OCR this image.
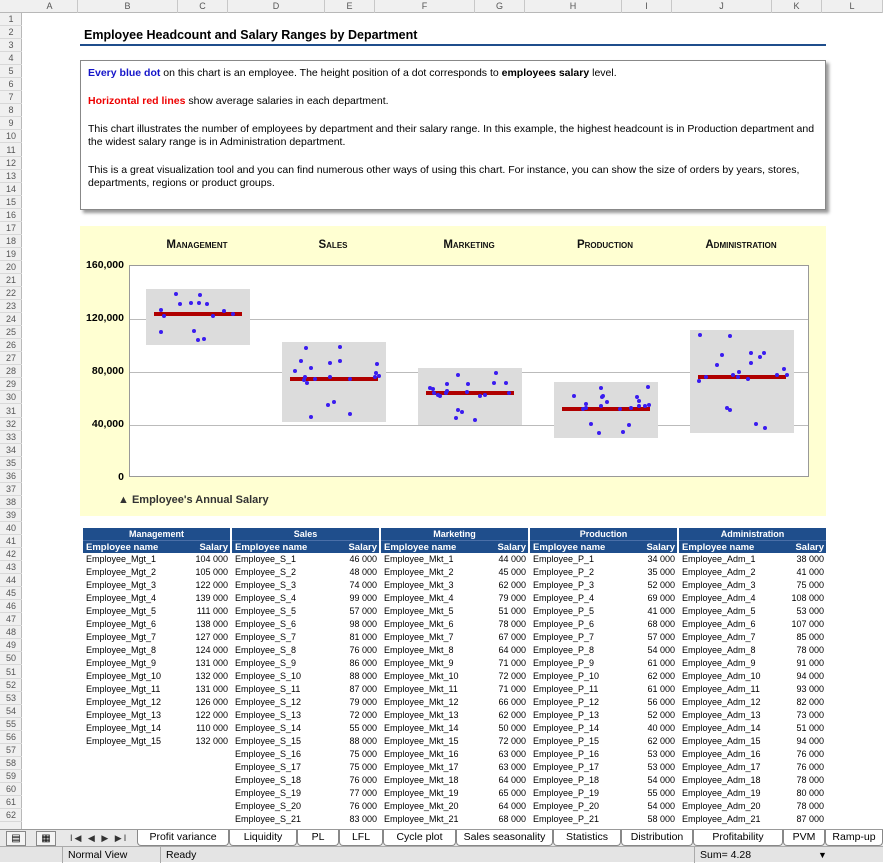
A	B	C	D	E	F	G	H	I	J	K	L
1
2
3
4
5
6
7
8
9
10
11
12
13
14
15
16
17
18
19
20
21
22
23
24
25
26
27
28
29
30
31
32
33
34
35
36
37
38
39
40
41
42
43
44
45
46
47
48
49
50
51
52
53
54
55
56
57
58
59
60
61
62
Employee Headcount and Salary Ranges by Department

Every blue dot on this chart is an employee. The height position of a dot corresponds to employees salary level.

Horizontal red lines show average salaries in each department.

This chart illustrates the number of employees by department and their salary range. In this example, the highest headcount is in Production department and the widest salary range is in Administration department.

This is a great visualization tool and you can find numerous other ways of using this chart. For instance, you can show the size of orders by years, stores, departments, regions or product groups.

▲ Employee's Annual Salary
160,000
120,000
80,000
40,000
0
Management	Sales	Marketing	Production	Administration
Management
Employee name	Salary
Employee_Mgt_1	104 000
Employee_Mgt_2	105 000
Employee_Mgt_3	122 000
Employee_Mgt_4	139 000
Employee_Mgt_5	111 000
Employee_Mgt_6	138 000
Employee_Mgt_7	127 000
Employee_Mgt_8	124 000
Employee_Mgt_9	131 000
Employee_Mgt_10	132 000
Employee_Mgt_11	131 000
Employee_Mgt_12	126 000
Employee_Mgt_13	122 000
Employee_Mgt_14	110 000
Employee_Mgt_15	132 000
Sales
Employee name	Salary
Employee_S_1	46 000
Employee_S_2	48 000
Employee_S_3	74 000
Employee_S_4	99 000
Employee_S_5	57 000
Employee_S_6	98 000
Employee_S_7	81 000
Employee_S_8	76 000
Employee_S_9	86 000
Employee_S_10	88 000
Employee_S_11	87 000
Employee_S_12	79 000
Employee_S_13	72 000
Employee_S_14	55 000
Employee_S_15	88 000
Employee_S_16	75 000
Employee_S_17	75 000
Employee_S_18	76 000
Employee_S_19	77 000
Employee_S_20	76 000
Employee_S_21	83 000
Marketing
Employee name	Salary
Employee_Mkt_1	44 000
Employee_Mkt_2	45 000
Employee_Mkt_3	62 000
Employee_Mkt_4	79 000
Employee_Mkt_5	51 000
Employee_Mkt_6	78 000
Employee_Mkt_7	67 000
Employee_Mkt_8	64 000
Employee_Mkt_9	71 000
Employee_Mkt_10	72 000
Employee_Mkt_11	71 000
Employee_Mkt_12	66 000
Employee_Mkt_13	62 000
Employee_Mkt_14	50 000
Employee_Mkt_15	72 000
Employee_Mkt_16	63 000
Employee_Mkt_17	63 000
Employee_Mkt_18	64 000
Employee_Mkt_19	65 000
Employee_Mkt_20	64 000
Employee_Mkt_21	68 000
Production
Employee name	Salary
Employee_P_1	34 000
Employee_P_2	35 000
Employee_P_3	52 000
Employee_P_4	69 000
Employee_P_5	41 000
Employee_P_6	68 000
Employee_P_7	57 000
Employee_P_8	54 000
Employee_P_9	61 000
Employee_P_10	62 000
Employee_P_11	61 000
Employee_P_12	56 000
Employee_P_13	52 000
Employee_P_14	40 000
Employee_P_15	62 000
Employee_P_16	53 000
Employee_P_17	53 000
Employee_P_18	54 000
Employee_P_19	55 000
Employee_P_20	54 000
Employee_P_21	58 000
Administration
Employee name	Salary
Employee_Adm_1	38 000
Employee_Adm_2	41 000
Employee_Adm_3	75 000
Employee_Adm_4	108 000
Employee_Adm_5	53 000
Employee_Adm_6	107 000
Employee_Adm_7	85 000
Employee_Adm_8	78 000
Employee_Adm_9	91 000
Employee_Adm_10	94 000
Employee_Adm_11	93 000
Employee_Adm_12	82 000
Employee_Adm_13	73 000
Employee_Adm_14	51 000
Employee_Adm_15	94 000
Employee_Adm_16	76 000
Employee_Adm_17	76 000
Employee_Adm_18	78 000
Employee_Adm_19	80 000
Employee_Adm_20	78 000
Employee_Adm_21	87 000
▤	▦	I◀ ◀ ▶ ▶I	Profit variance	Liquidity	PL	LFL	Cycle plot	Sales seasonality	Statistics	Distribution	Profitability	PVM	Ramp-up
Normal View	Ready	Sum= 4.28	▼
